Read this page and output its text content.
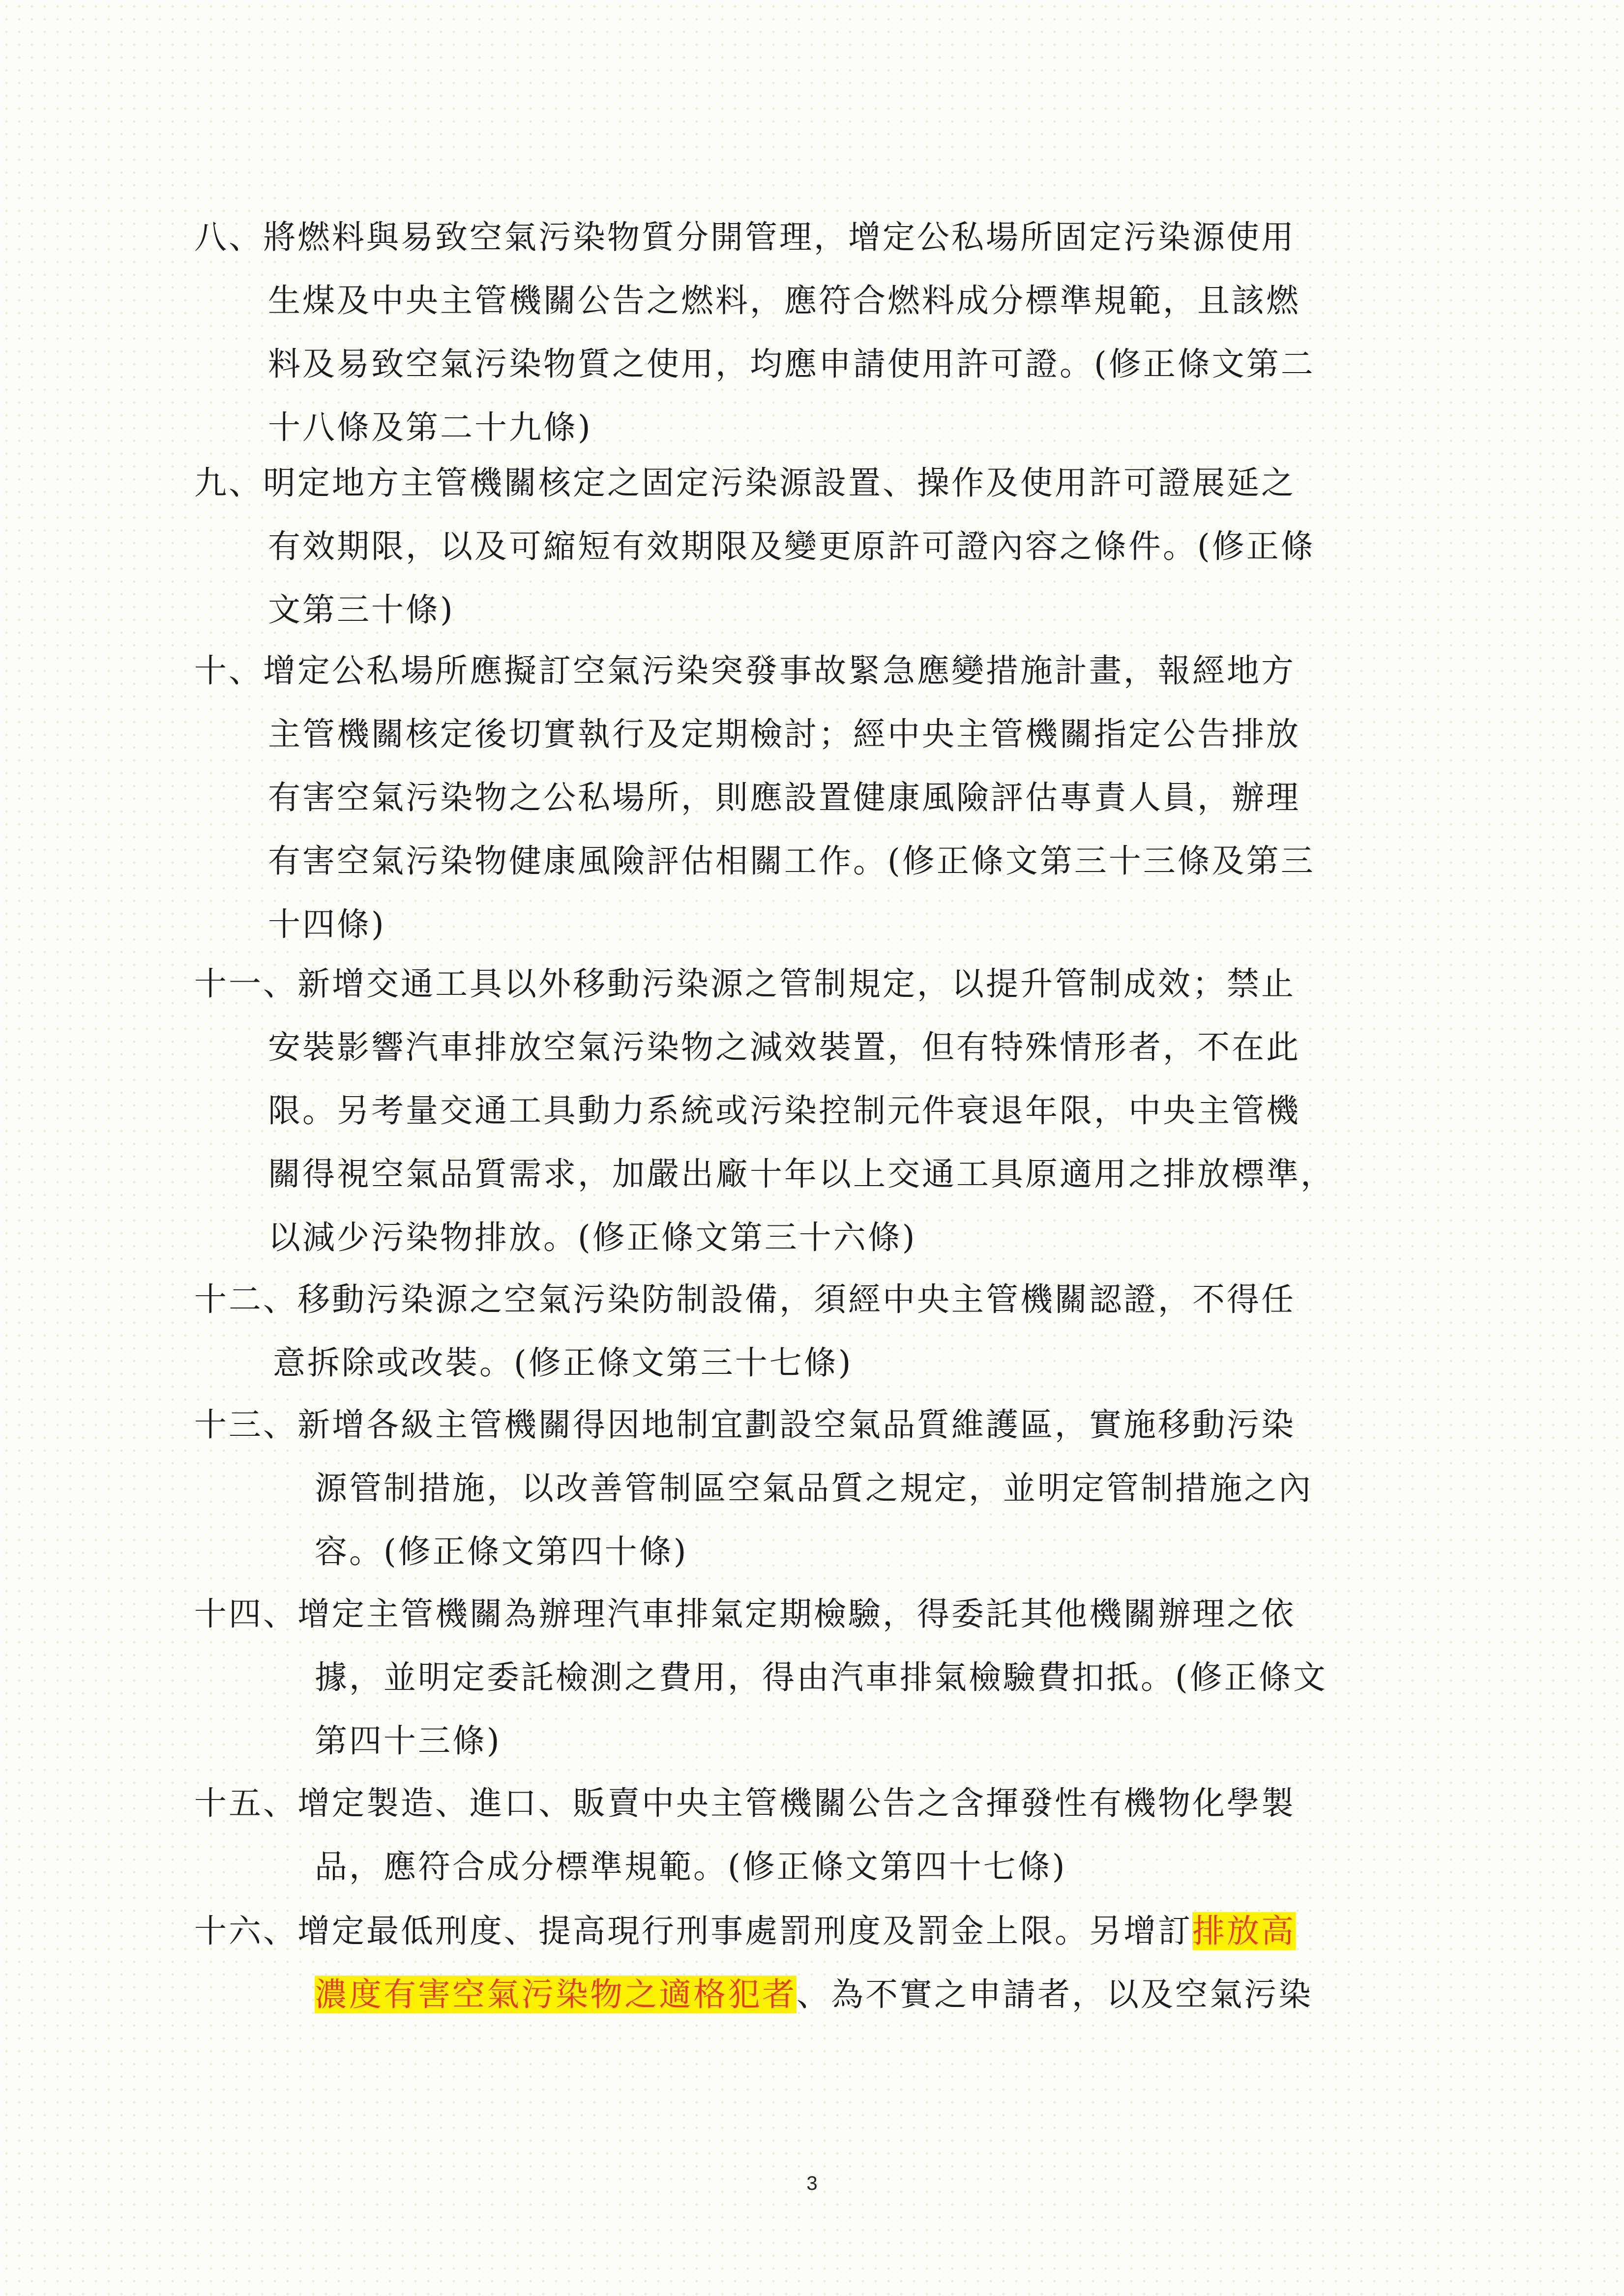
八、將燃料與易致空氣污染物質分開管理，增定公私場所固定污染源使用
生煤及中央主管機關公告之燃料，應符合燃料成分標準規範，且該燃
料及易致空氣污染物質之使用，均應申請使用許可證。(修正條文第二
十八條及第二十九條)
九、明定地方主管機關核定之固定污染源設置、操作及使用許可證展延之
有效期限，以及可縮短有效期限及變更原許可證內容之條件。(修正條
文第三十條)
十、增定公私場所應擬訂空氣污染突發事故緊急應變措施計畫，報經地方
主管機關核定後切實執行及定期檢討；經中央主管機關指定公告排放
有害空氣污染物之公私場所，則應設置健康風險評估專責人員，辦理
有害空氣污染物健康風險評估相關工作。(修正條文第三十三條及第三
十四條)
十一、新增交通工具以外移動污染源之管制規定，以提升管制成效；禁止
安裝影響汽車排放空氣污染物之減效裝置，但有特殊情形者，不在此
限。另考量交通工具動力系統或污染控制元件衰退年限，中央主管機
關得視空氣品質需求，加嚴出廠十年以上交通工具原適用之排放標準，
以減少污染物排放。(修正條文第三十六條)
十二、移動污染源之空氣污染防制設備，須經中央主管機關認證，不得任
意拆除或改裝。(修正條文第三十七條)
十三、新增各級主管機關得因地制宜劃設空氣品質維護區，實施移動污染
源管制措施，以改善管制區空氣品質之規定，並明定管制措施之內
容。(修正條文第四十條)
十四、增定主管機關為辦理汽車排氣定期檢驗，得委託其他機關辦理之依
據，並明定委託檢測之費用，得由汽車排氣檢驗費扣抵。(修正條文
第四十三條)
十五、增定製造、進口、販賣中央主管機關公告之含揮發性有機物化學製
品，應符合成分標準規範。(修正條文第四十七條)
十六、增定最低刑度、提高現行刑事處罰刑度及罰金上限。另增訂排放高
濃度有害空氣污染物之適格犯者、為不實之申請者，以及空氣污染
3
